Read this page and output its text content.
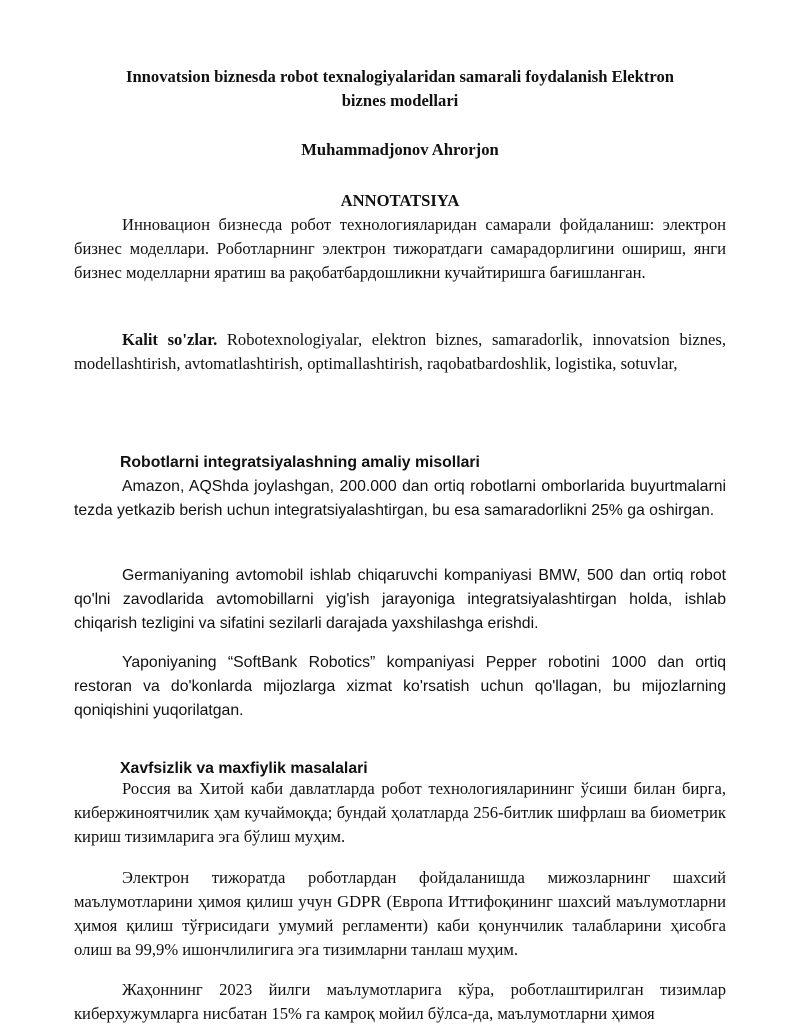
Innovatsion biznesda robot texnalogiyalaridan samarali foydalanish Elektron
biznes modellari
Muhammadjonov Ahrorjon
ANNOTATSIYA

Инновацион бизнесда робот технологияларидан самарали фойдаланиш: электрон бизнес моделлари. Роботларнинг электрон тижоратдаги самарадорлигини ошириш, янги бизнес моделларни яратиш ва рақобатбардошликни кучайтиришга бағишланган.

Kalit so'zlar. Robotexnologiyalar, elektron biznes, samaradorlik, innovatsion biznes, modellashtirish, avtomatlashtirish, optimallashtirish, raqobatbardoshlik, logistika, sotuvlar,

Robotlarni integratsiyalashning amaliy misollari

Amazon, AQShda joylashgan, 200.000 dan ortiq robotlarni omborlarida buyurtmalarni tezda yetkazib berish uchun integratsiyalashtirgan, bu esa samaradorlikni 25% ga oshirgan.

Germaniyaning avtomobil ishlab chiqaruvchi kompaniyasi BMW, 500 dan ortiq robot qo'lni zavodlarida avtomobillarni yig'ish jarayoniga integratsiyalashtirgan holda, ishlab chiqarish tezligini va sifatini sezilarli darajada yaxshilashga erishdi.

Yaponiyaning “SoftBank Robotics” kompaniyasi Pepper robotini 1000 dan ortiq restoran va do'konlarda mijozlarga xizmat ko'rsatish uchun qo'llagan, bu mijozlarning qoniqishini yuqorilatgan.

Xavfsizlik va maxfiylik masalalari

Россия ва Хитой каби давлатларда робот технологияларининг ўсиши билан бирга, кибержиноятчилик ҳам кучаймоқда; бундай ҳолатларда 256-битлик шифрлаш ва биометрик кириш тизимларига эга бўлиш муҳим.

Электрон тижоратда роботлардан фойдаланишда мижозларнинг шахсий маълумотларини ҳимоя қилиш учун GDPR (Европа Иттифоқининг шахсий маълумотларни ҳимоя қилиш тўғрисидаги умумий регламенти) каби қонунчилик талабларини ҳисобга олиш ва 99,9% ишончлилигига эга тизимларни танлаш муҳим.

Жаҳоннинг 2023 йилги маълумотларига кўра, роботлаштирилган тизимлар киберхужумларга нисбатан 15% га камроқ мойил бўлса-да, маълумотларни ҳимоя
